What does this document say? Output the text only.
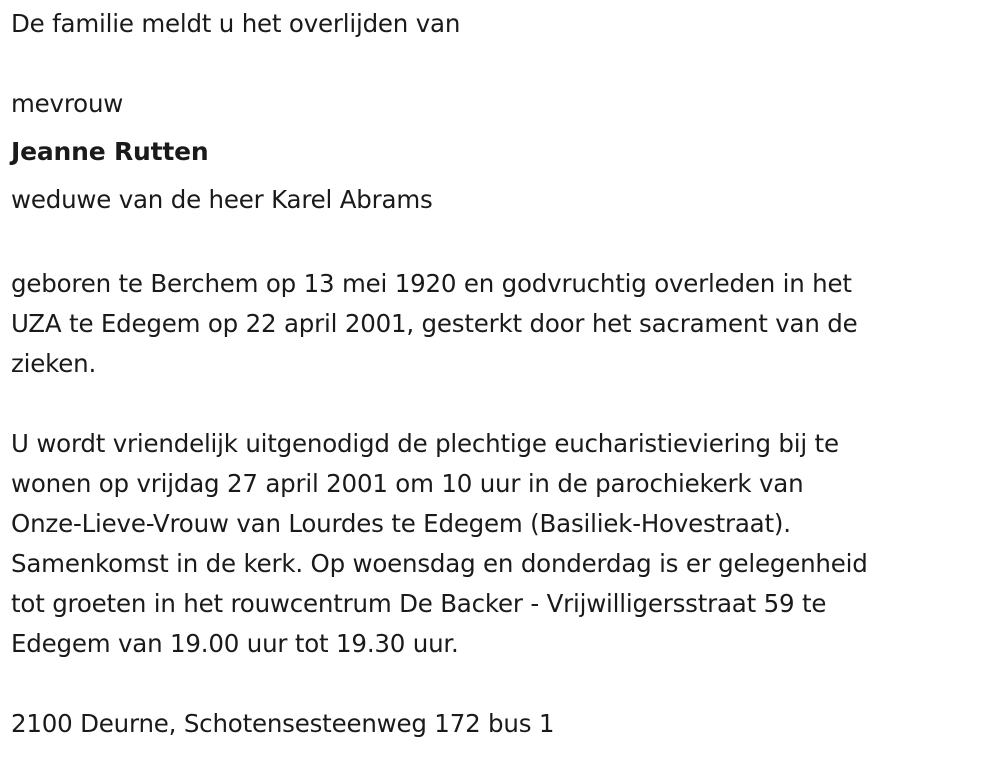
De familie meldt u het overlijden van
mevrouw
Jeanne Rutten
weduwe van de heer Karel Abrams
geboren te Berchem op 13 mei 1920 en godvruchtig overleden in het
UZA te Edegem op 22 april 2001, gesterkt door het sacrament van de
zieken.
U wordt vriendelijk uitgenodigd de plechtige eucharistieviering bij te
wonen op vrijdag 27 april 2001 om 10 uur in de parochiekerk van
Onze-Lieve-Vrouw van Lourdes te Edegem (Basiliek-Hovestraat).
Samenkomst in de kerk. Op woensdag en donderdag is er gelegenheid
tot groeten in het rouwcentrum De Backer - Vrijwilligersstraat 59 te
Edegem van 19.00 uur tot 19.30 uur.
2100 Deurne, Schotensesteenweg 172 bus 1
